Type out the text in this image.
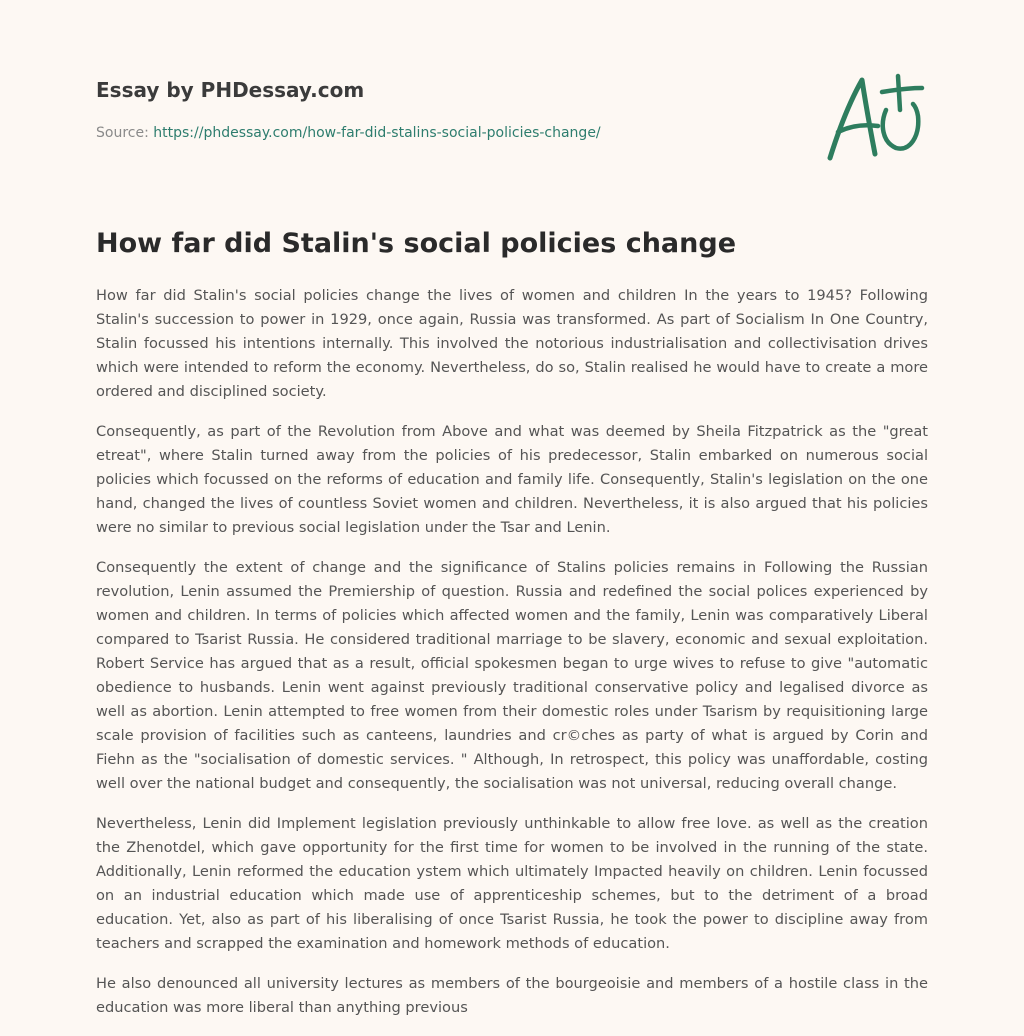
Essay by PHDessay.com
Source: https://phdessay.com/how-far-did-stalins-social-policies-change/
How far did Stalin's social policies change

How far did Stalin's social policies change the lives of women and children In the years to 1945? Following Stalin's succession to power in 1929, once again, Russia was transformed. As part of Socialism In One Country, Stalin focussed his intentions internally. This involved the notorious industrialisation and collectivisation drives which were intended to reform the economy. Nevertheless, do so, Stalin realised he would have to create a more ordered and disciplined society.

Consequently, as part of the Revolution from Above and what was deemed by Sheila Fitzpatrick as the "great etreat", where Stalin turned away from the policies of his predecessor, Stalin embarked on numerous social policies which focussed on the reforms of education and family life. Consequently, Stalin's legislation on the one hand, changed the lives of countless Soviet women and children. Nevertheless, it is also argued that his policies were no similar to previous social legislation under the Tsar and Lenin.

Consequently the extent of change and the significance of Stalins policies remains in Following the Russian revolution, Lenin assumed the Premiership of question. Russia and redefined the social polices experienced by women and children. In terms of policies which affected women and the family, Lenin was comparatively Liberal compared to Tsarist Russia. He considered traditional marriage to be slavery, economic and sexual exploitation. Robert Service has argued that as a result, official spokesmen began to urge wives to refuse to give "automatic obedience to husbands. Lenin went against previously traditional conservative policy and legalised divorce as well as abortion. Lenin attempted to free women from their domestic roles under Tsarism by requisitioning large scale provision of facilities such as canteens, laundries and cr©ches as party of what is argued by Corin and Fiehn as the "socialisation of domestic services. " Although, In retrospect, this policy was unaffordable, costing well over the national budget and consequently, the socialisation was not universal, reducing overall change.

Nevertheless, Lenin did Implement legislation previously unthinkable to allow free love. as well as the creation the Zhenotdel, which gave opportunity for the first time for women to be involved in the running of the state. Additionally, Lenin reformed the education ystem which ultimately Impacted heavily on children. Lenin focussed on an industrial education which made use of apprenticeship schemes, but to the detriment of a broad education. Yet, also as part of his liberalising of once Tsarist Russia, he took the power to discipline away from teachers and scrapped the examination and homework methods of education.

He also denounced all university lectures as members of the bourgeoisie and members of a hostile class in the education was more liberal than anything previous
